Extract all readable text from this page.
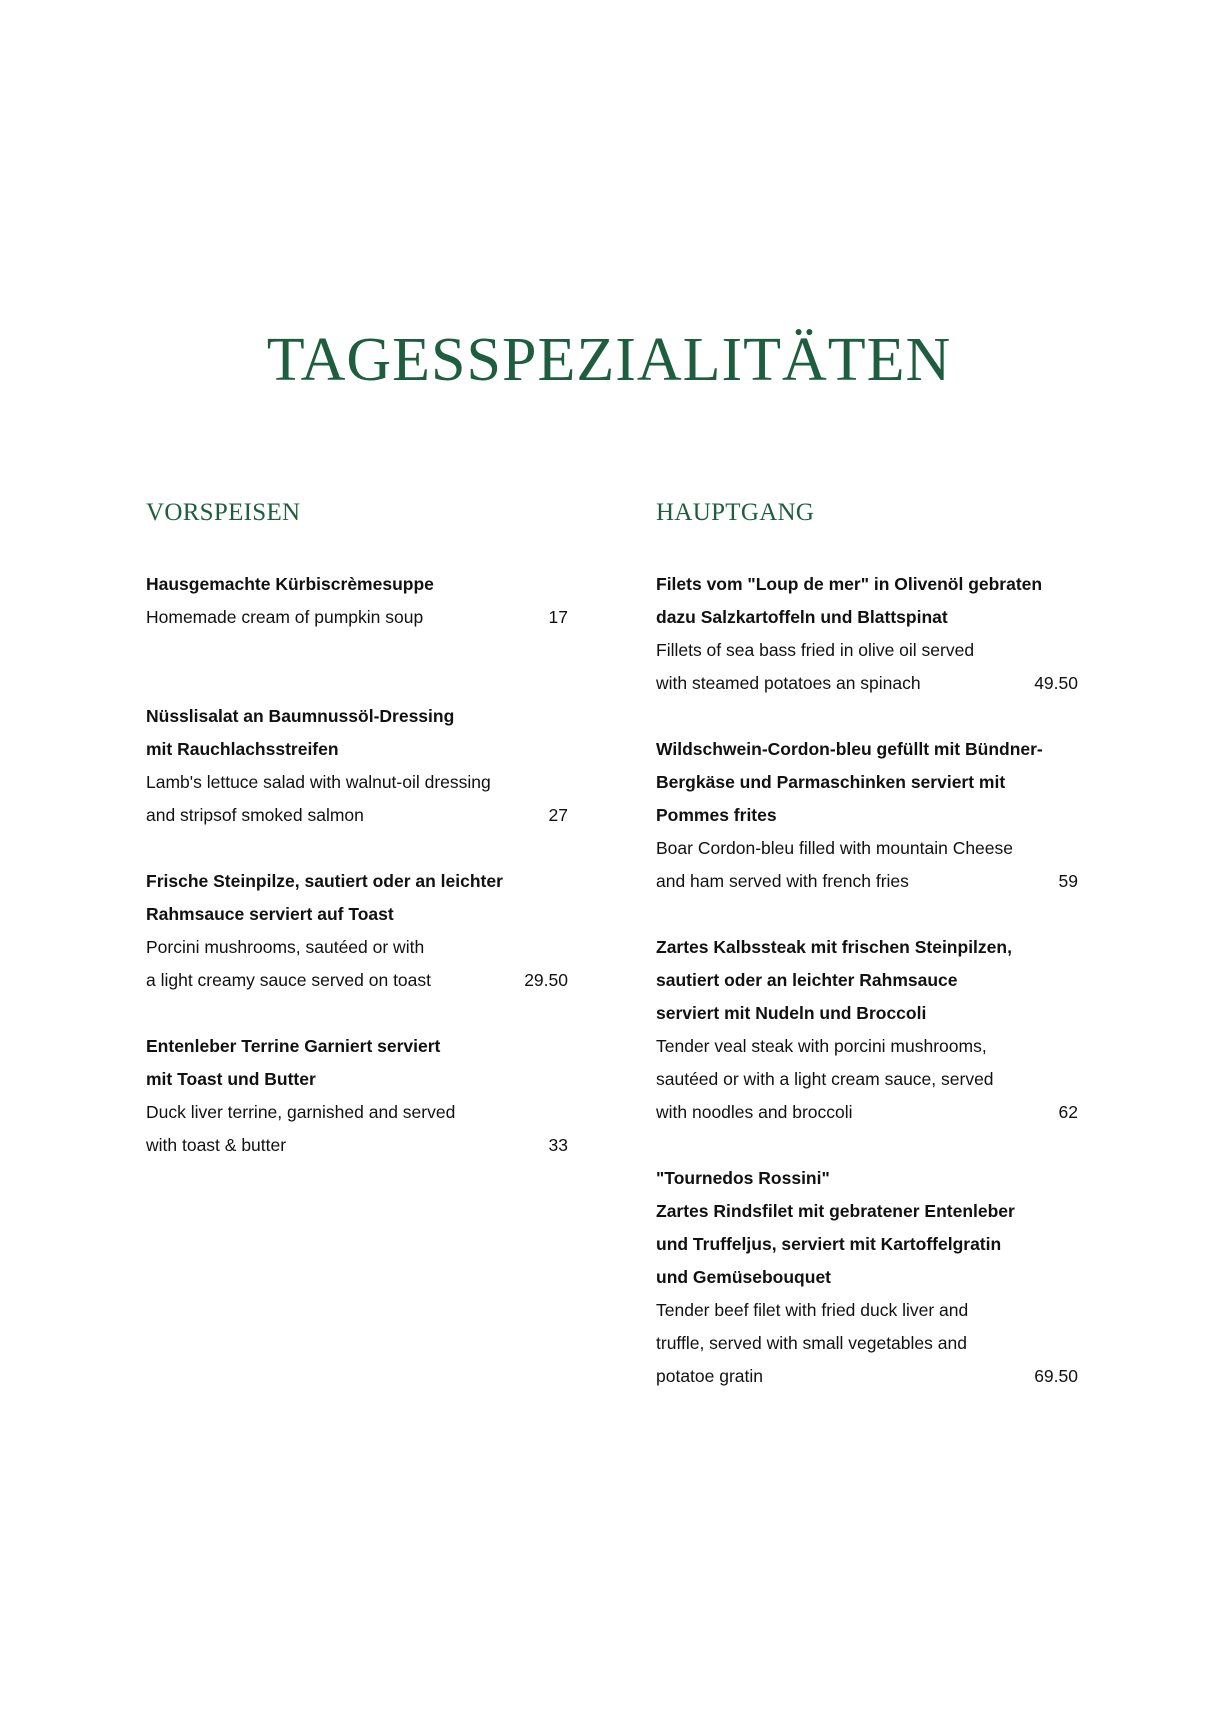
TAGESSPEZIALITÄTEN
VORSPEISEN
Hausgemachte Kürbiscrèmesuppe
Homemade cream of pumpkin soup	17
Nüsslisalat an Baumnussöl-Dressing
mit Rauchlachsstreifen
Lamb's lettuce salad with walnut-oil dressing
and stripsof smoked salmon	27
Frische Steinpilze, sautiert oder an leichter
Rahmsauce serviert auf Toast
Porcini mushrooms, sautéed or with
a light creamy sauce served on toast	29.50
Entenleber Terrine Garniert serviert
mit Toast und Butter
Duck liver terrine, garnished and served
with toast & butter	33
HAUPTGANG
Filets vom "Loup de mer" in Olivenöl gebraten
dazu Salzkartoffeln und Blattspinat
Fillets of sea bass fried in olive oil served
with steamed potatoes an spinach	49.50
Wildschwein-Cordon-bleu gefüllt mit Bündner-
Bergkäse und Parmaschinken serviert mit
Pommes frites
Boar Cordon-bleu filled with mountain Cheese
and ham served with french fries	59
Zartes Kalbssteak mit frischen Steinpilzen,
sautiert oder an leichter Rahmsauce
serviert mit Nudeln und Broccoli
Tender veal steak with porcini mushrooms,
sautéed or with a light cream sauce, served
with noodles and broccoli	62
"Tournedos Rossini"
Zartes Rindsfilet mit gebratener Entenleber
und Truffeljus, serviert mit Kartoffelgratin
und Gemüsebouquet
Tender beef filet with fried duck liver and
truffle, served with small vegetables and
potatoe gratin	69.50
